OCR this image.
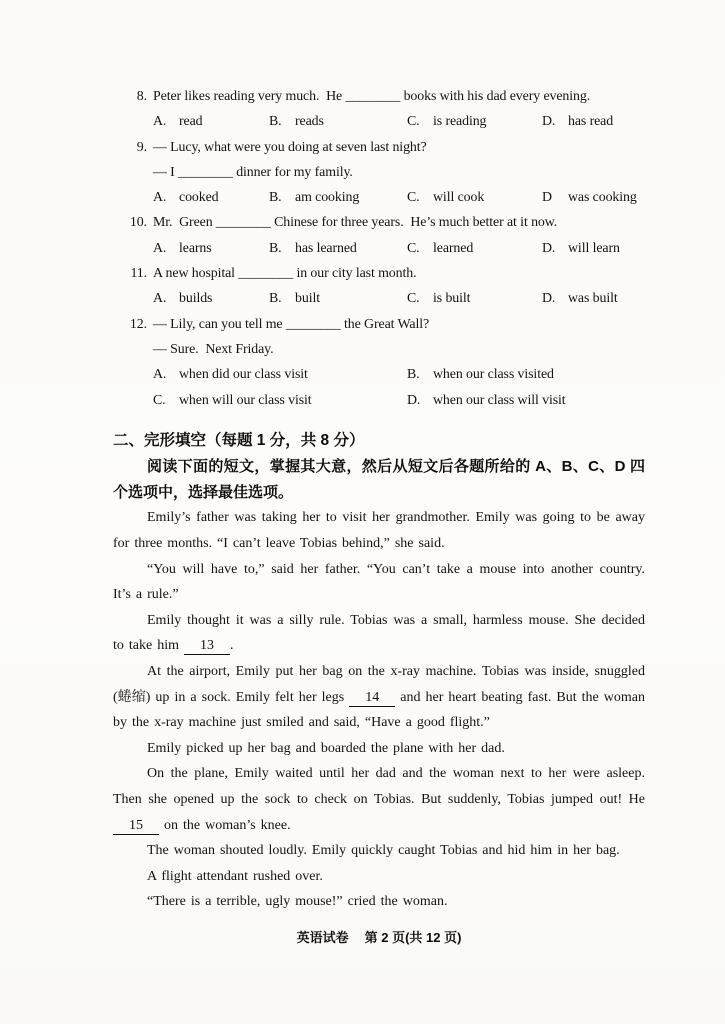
8. Peter likes reading very much.  He ________ books with his dad every evening.
A. read	B. reads	C. is reading	D. has read
9. — Lucy, what were you doing at seven last night?
— I ________ dinner for my family.
A. cooked	B. am cooking	C. will cook	D	was cooking
10. Mr.  Green ________ Chinese for three years.  He’s much better at it now.
A. learns	B. has learned	C. learned	D. will learn
11. A new hospital ________ in our city last month.
A. builds	B. built	C. is built	D. was built
12. — Lily, can you tell me ________ the Great Wall?
— Sure.  Next Friday.
A. when did our class visit	B. when our class visited
C. when will our class visit	D. when our class will visit
二、完形填空（每题 1 分，共 8 分）
阅读下面的短文，掌握其大意，然后从短文后各题所给的 A、B、C、D 四个选项中，选择最佳选项。

Emily’s father was taking her to visit her grandmother. Emily was going to be away for three months. “I can’t leave Tobias behind,” she said.

“You will have to,” said her father. “You can’t take a mouse into another country. It’s a rule.”

Emily thought it was a silly rule. Tobias was a small, harmless mouse. She decided to take him 13 .

At the airport, Emily put her bag on the x-ray machine. Tobias was inside, snuggled (蜷缩) up in a sock. Emily felt her legs 14 and her heart beating fast. But the woman by the x-ray machine just smiled and said, “Have a good flight.”

Emily picked up her bag and boarded the plane with her dad.

On the plane, Emily waited until her dad and the woman next to her were asleep. Then she opened up the sock to check on Tobias. But suddenly, Tobias jumped out! He 15 on the woman’s knee.

The woman shouted loudly. Emily quickly caught Tobias and hid him in her bag.

A flight attendant rushed over.

“There is a terrible, ugly mouse!” cried the woman.

英语试卷 第 2 页(共 12 页)
